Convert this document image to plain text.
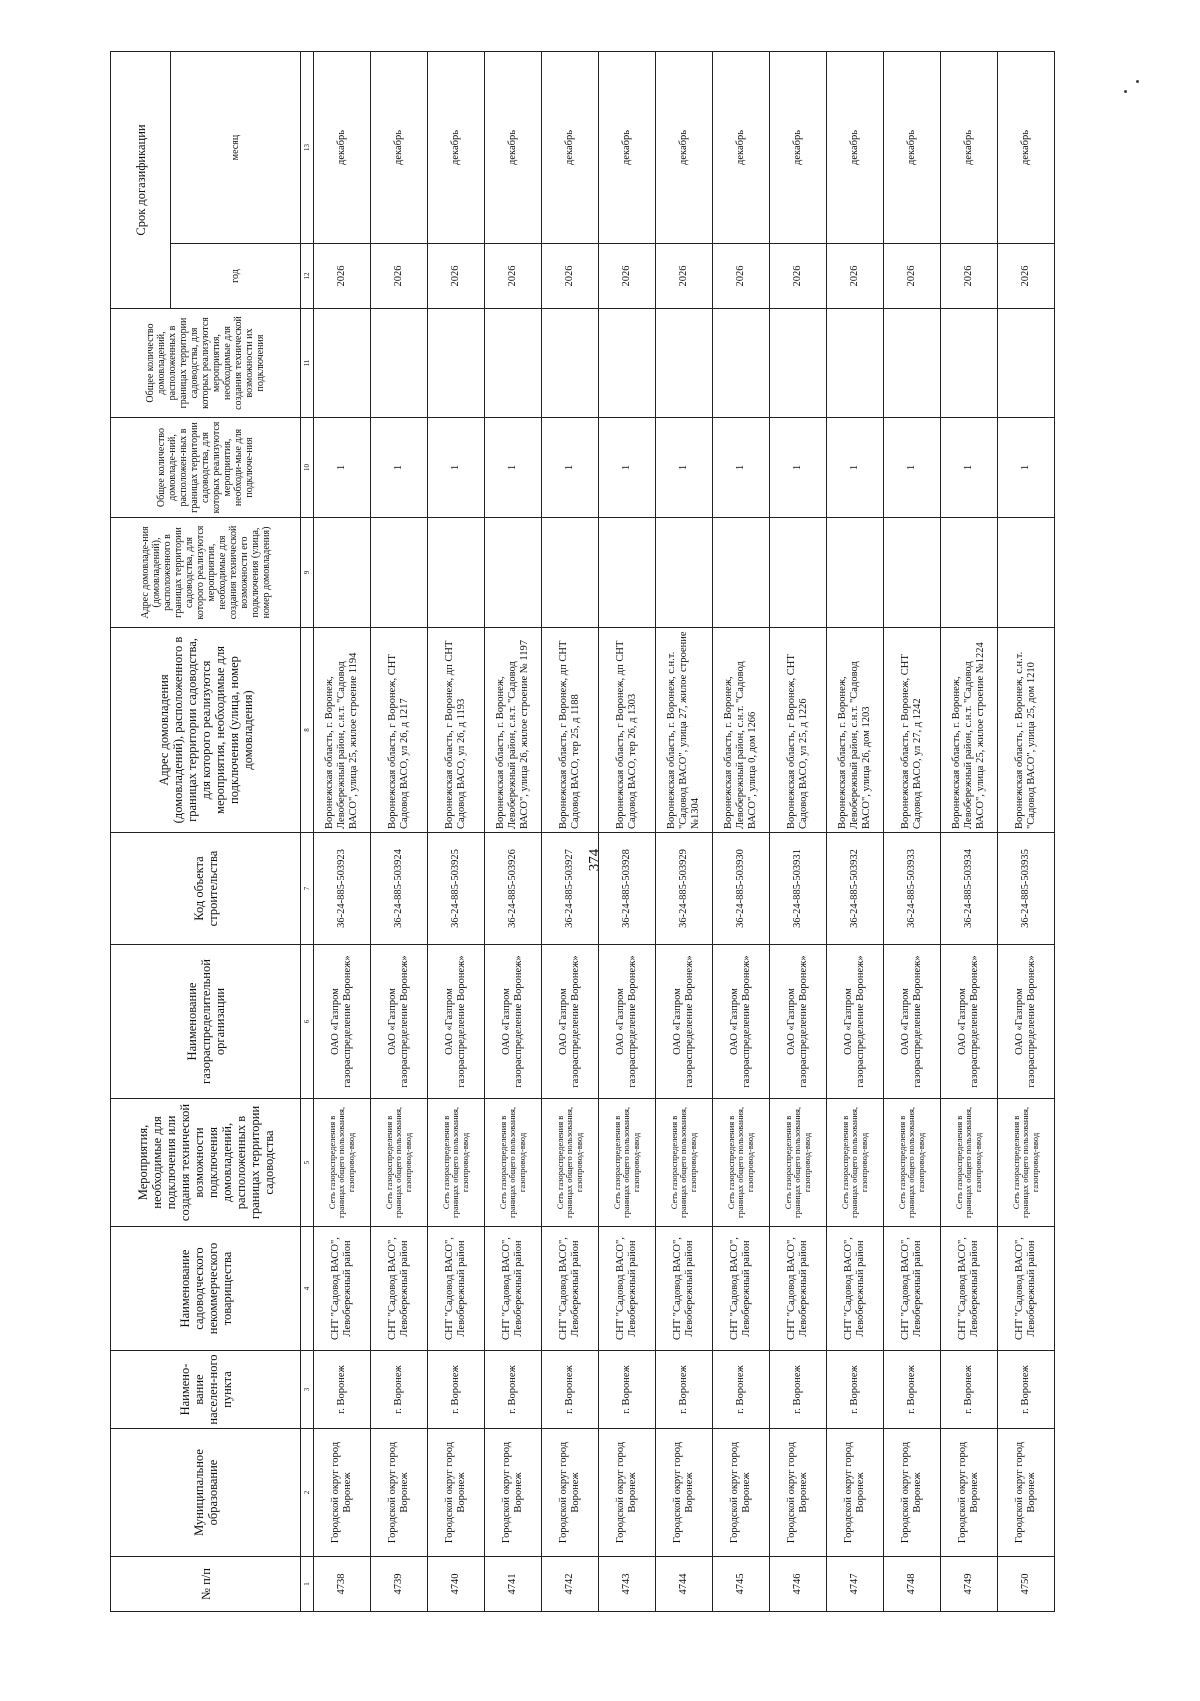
374
№ п/п	Муниципальное образование	Наимено-вание населен-ного пункта	Наименование садоводческого некоммерческого товарищества	Мероприятия, необходимые для подключения или создания технической возможности подключения домовладений, расположенных в границах территории садоводства	Наименование газораспределительной организации	Код объекта строительства	Адрес домовладения (домовладений), расположенного в границах территории садоводства, для которого реализуются мероприятия, необходимые для подключения (улица, номер домовладения)	Адрес домовладе-ния (домовладений), расположенного в границах территории садоводства, для которого реализуются мероприятия, необходимые для создания технической возможности его подключения (улица, номер домовладения)	Общее количество домовладе-ний, расположен-ных в границах территории садоводства, для которых реализуются мероприятия, необходи-мые для подключе-ния	Общее количество домовладений, расположенных в границах территории садоводства, для которых реализуются мероприятия, необходимые для создания технической возможности их подключения	Срок догазификации	
											год	месяц
1	2	3	4	5	6	7	8	9	10	11	12	13
4738	Городской округ город Воронеж	г. Воронеж	СНТ "Садовод ВАСО", Левобережный район	Сеть газораспределения в границах общего пользования, газопровод-ввод	ОАО «Газпром газораспределение Воронеж»	36-24-885-503923	Воронежская область, г. Воронеж, Левобережный район, с.н.т. "Садовод ВАСО", улица 25, жилое строение 1194		1		2026	декабрь
4739	Городской округ город Воронеж	г. Воронеж	СНТ "Садовод ВАСО", Левобережный район	Сеть газораспределения в границах общего пользования, газопровод-ввод	ОАО «Газпром газораспределение Воронеж»	36-24-885-503924	Воронежская область, г Воронеж, СНТ Садовод ВАСО, ул 26, д 1217		1		2026	декабрь
4740	Городской округ город Воронеж	г. Воронеж	СНТ "Садовод ВАСО", Левобережный район	Сеть газораспределения в границах общего пользования, газопровод-ввод	ОАО «Газпром газораспределение Воронеж»	36-24-885-503925	Воронежская область, г Воронеж, дп СНТ Садовод ВАСО, ул 26, д 1193		1		2026	декабрь
4741	Городской округ город Воронеж	г. Воронеж	СНТ "Садовод ВАСО", Левобережный район	Сеть газораспределения в границах общего пользования, газопровод-ввод	ОАО «Газпром газораспределение Воронеж»	36-24-885-503926	Воронежская область, г. Воронеж, Левобережный район, с.н.т. "Садовод ВАСО", улица 26, жилое строение № 1197		1		2026	декабрь
4742	Городской округ город Воронеж	г. Воронеж	СНТ "Садовод ВАСО", Левобережный район	Сеть газораспределения в границах общего пользования, газопровод-ввод	ОАО «Газпром газораспределение Воронеж»	36-24-885-503927	Воронежская область, г Воронеж, дп СНТ Садовод ВАСО, тер 25, д 1188		1		2026	декабрь
4743	Городской округ город Воронеж	г. Воронеж	СНТ "Садовод ВАСО", Левобережный район	Сеть газораспределения в границах общего пользования, газопровод-ввод	ОАО «Газпром газораспределение Воронеж»	36-24-885-503928	Воронежская область, г Воронеж, дп СНТ Садовод ВАСО, тер 26, д 1303		1		2026	декабрь
4744	Городской округ город Воронеж	г. Воронеж	СНТ "Садовод ВАСО", Левобережный район	Сеть газораспределения в границах общего пользования, газопровод-ввод	ОАО «Газпром газораспределение Воронеж»	36-24-885-503929	Воронежская область, г. Воронеж, с.н.т. "Садовод ВАСО", улица 27, жилое строение №1304		1		2026	декабрь
4745	Городской округ город Воронеж	г. Воронеж	СНТ "Садовод ВАСО", Левобережный район	Сеть газораспределения в границах общего пользования, газопровод-ввод	ОАО «Газпром газораспределение Воронеж»	36-24-885-503930	Воронежская область, г. Воронеж, Левобережный район, с.н.т. "Садовод ВАСО", улица 0, дом 1266		1		2026	декабрь
4746	Городской округ город Воронеж	г. Воронеж	СНТ "Садовод ВАСО", Левобережный район	Сеть газораспределения в границах общего пользования, газопровод-ввод	ОАО «Газпром газораспределение Воронеж»	36-24-885-503931	Воронежская область, г Воронеж, СНТ Садовод ВАСО, ул 25, д 1226		1		2026	декабрь
4747	Городской округ город Воронеж	г. Воронеж	СНТ "Садовод ВАСО", Левобережный район	Сеть газораспределения в границах общего пользования, газопровод-ввод	ОАО «Газпром газораспределение Воронеж»	36-24-885-503932	Воронежская область, г. Воронеж, Левобережный район, с.н.т. "Садовод ВАСО", улица 26, дом 1203		1		2026	декабрь
4748	Городской округ город Воронеж	г. Воронеж	СНТ "Садовод ВАСО", Левобережный район	Сеть газораспределения в границах общего пользования, газопровод-ввод	ОАО «Газпром газораспределение Воронеж»	36-24-885-503933	Воронежская область, г Воронеж, СНТ Садовод ВАСО, ул 27, д 1242		1		2026	декабрь
4749	Городской округ город Воронеж	г. Воронеж	СНТ "Садовод ВАСО", Левобережный район	Сеть газораспределения в границах общего пользования, газопровод-ввод	ОАО «Газпром газораспределение Воронеж»	36-24-885-503934	Воронежская область, г. Воронеж, Левобережный район, с.н.т. "Садовод ВАСО", улица 25, жилое строение №1224		1		2026	декабрь
4750	Городской округ город Воронеж	г. Воронеж	СНТ "Садовод ВАСО", Левобережный район	Сеть газораспределения в границах общего пользования, газопровод-ввод	ОАО «Газпром газораспределение Воронеж»	36-24-885-503935	Воронежская область, г. Воронеж, с.н.т. "Садовод ВАСО", улица 25, дом 1210		1		2026	декабрь
